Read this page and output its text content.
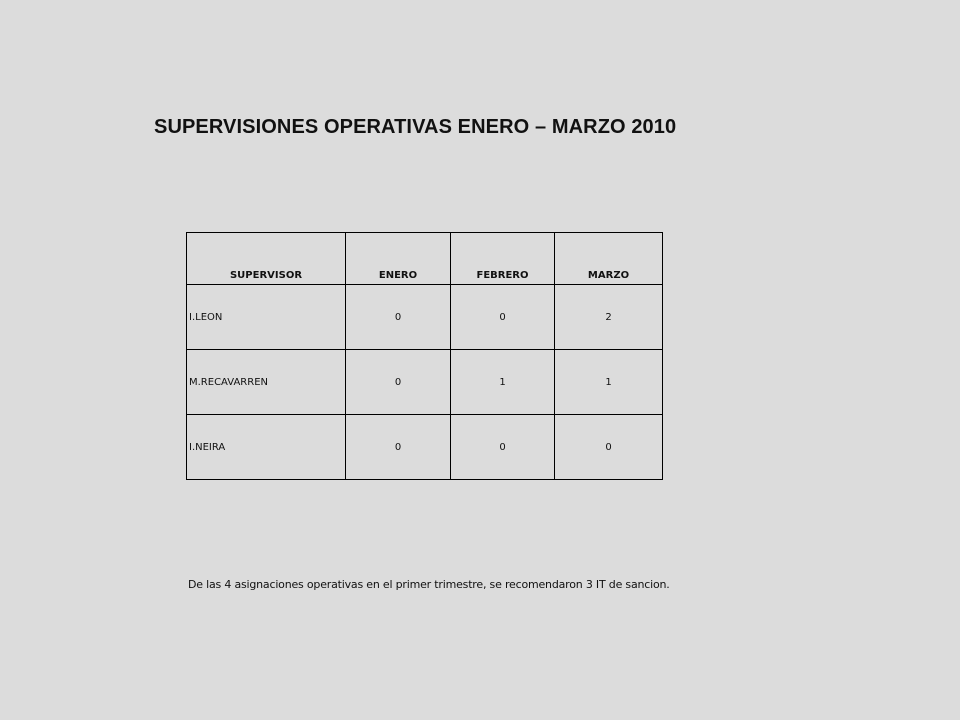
SUPERVISIONES OPERATIVAS ENERO – MARZO 2010
SUPERVISOR	ENERO	FEBRERO	MARZO
I.LEON	0	0	2
M.RECAVARREN	0	1	1
I.NEIRA	0	0	0
De las 4 asignaciones operativas en el primer trimestre, se recomendaron 3 IT de sancion.
